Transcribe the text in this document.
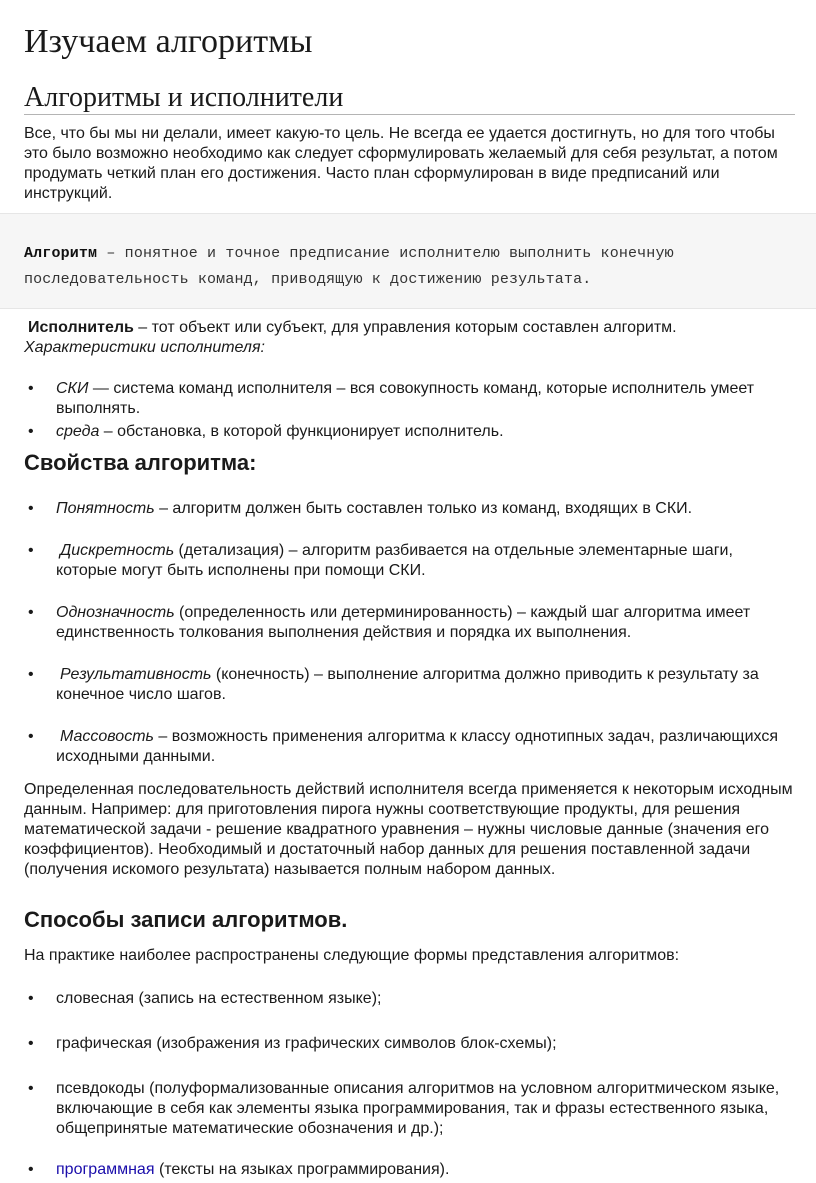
Изучаем алгоритмы
Алгоритмы и исполнители
Все, что бы мы ни делали, имеет какую-то цель. Не всегда ее удается достигнуть, но для того чтобы это было возможно необходимо как следует сформулировать желаемый для себя результат, а потом продумать четкий план его достижения. Часто план сформулирован в виде предписаний или инструкций.
Алгоритм – понятное и точное предписание исполнителю выполнить конечную последовательность команд, приводящую к достижению результата.
Исполнитель – тот объект или субъект, для управления которым составлен алгоритм.
Характеристики исполнителя:
• СКИ — система команд исполнителя – вся совокупность команд, которые исполнитель умеет выполнять.
• среда – обстановка, в которой функционирует исполнитель.
Свойства алгоритма:
• Понятность – алгоритм должен быть составлен только из команд, входящих в СКИ.
• Дискретность (детализация) – алгоритм разбивается на отдельные элементарные шаги, которые могут быть исполнены при помощи СКИ.
• Однозначность (определенность или детерминированность) – каждый шаг алгоритма имеет единственность толкования выполнения действия и порядка их выполнения.
• Результативность (конечность) – выполнение алгоритма должно приводить к результату за конечное число шагов.
• Массовость – возможность применения алгоритма к классу однотипных задач, различающихся исходными данными.
Определенная последовательность действий исполнителя всегда применяется к некоторым исходным данным. Например: для приготовления пирога нужны соответствующие продукты, для решения математической задачи - решение квадратного уравнения – нужны числовые данные (значения его коэффициентов). Необходимый и достаточный набор данных для решения поставленной задачи (получения искомого результата) называется полным набором данных.
Способы записи алгоритмов.
На практике наиболее распространены следующие формы представления алгоритмов:
• словесная (запись на естественном языке);
• графическая (изображения из графических символов блок-схемы);
• псевдокоды (полуформализованные описания алгоритмов на условном алгоритмическом языке, включающие в себя как элементы языка программирования, так и фразы естественного языка, общепринятые математические обозначения и др.);
• программная (тексты на языках программирования).
